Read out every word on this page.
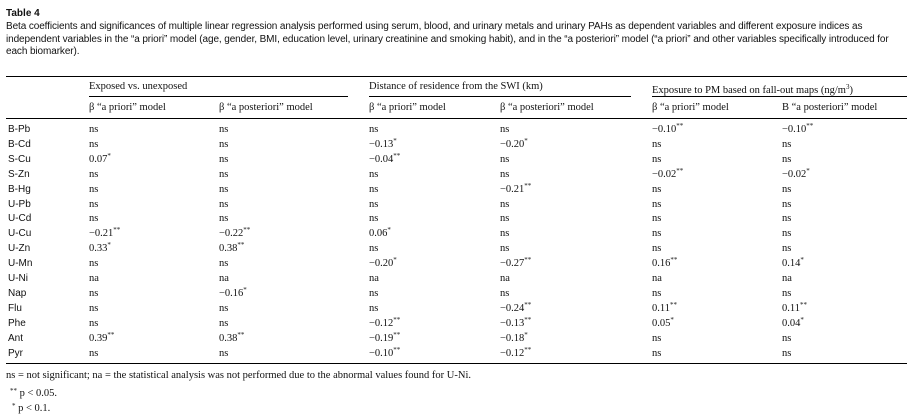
Table 4
Beta coefficients and significances of multiple linear regression analysis performed using serum, blood, and urinary metals and urinary PAHs as dependent variables and different exposure indices as independent variables in the “a priori” model (age, gender, BMI, education level, urinary creatinine and smoking habit), and in the “a posteriori” model (“a priori” and other variables specifically introduced for each biomarker).
Exposed vs. unexposed	Distance of residence from the SWI (km)	Exposure to PM based on fall-out maps $(ng/m^3)$
β “a priori” model	β “a posteriori” model	β “a priori” model	β “a posteriori” model	β “a priori” model	B “a posteriori” model
B-Pb	ns	ns	ns	ns	−0.10**	−0.10**
B-Cd	ns	ns	−0.13*	−0.20*	ns	ns
S-Cu	0.07*	ns	−0.04**	ns	ns	ns
S-Zn	ns	ns	ns	ns	−0.02**	−0.02*
B-Hg	ns	ns	ns	−0.21**	ns	ns
U-Pb	ns	ns	ns	ns	ns	ns
U-Cd	ns	ns	ns	ns	ns	ns
U-Cu	−0.21**	−0.22**	0.06*	ns	ns	ns
U-Zn	0.33*	0.38**	ns	ns	ns	ns
U-Mn	ns	ns	−0.20*	−0.27**	0.16**	0.14*
U-Ni	na	na	na	na	na	na
Nap	ns	−0.16*	ns	ns	ns	ns
Flu	ns	ns	ns	−0.24**	0.11**	0.11**
Phe	ns	ns	−0.12**	−0.13**	0.05*	0.04*
Ant	0.39**	0.38**	−0.19**	−0.18*	ns	ns
Pyr	ns	ns	−0.10**	−0.12**	ns	ns
ns = not significant; na = the statistical analysis was not performed due to the abnormal values found for U-Ni.
** p < 0.05.
* p < 0.1.
